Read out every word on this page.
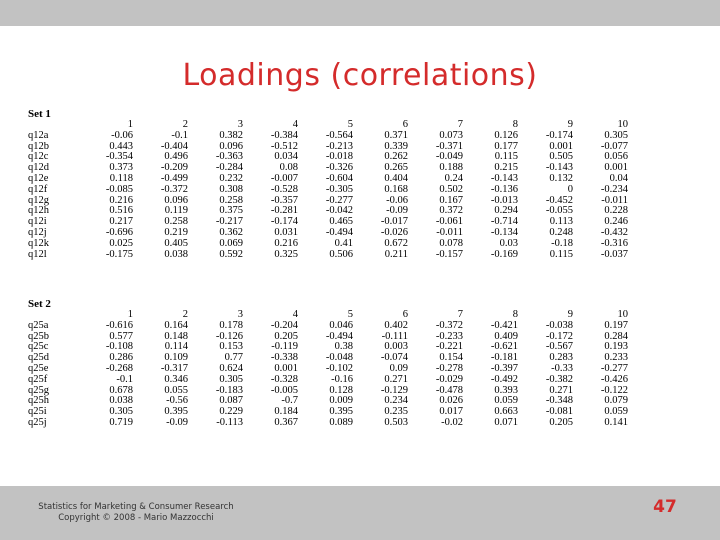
Loadings (correlations)
Set 1
	1	2	3	4	5	6	7	8	9	10
q12a	-0.06	-0.1	0.382	-0.384	-0.564	0.371	0.073	0.126	-0.174	0.305
q12b	0.443	-0.404	0.096	-0.512	-0.213	0.339	-0.371	0.177	0.001	-0.077
q12c	-0.354	0.496	-0.363	0.034	-0.018	0.262	-0.049	0.115	0.505	0.056
q12d	0.373	-0.209	-0.284	0.08	-0.326	0.265	0.188	0.215	-0.143	0.001
q12e	0.118	-0.499	0.232	-0.007	-0.604	0.404	0.24	-0.143	0.132	0.04
q12f	-0.085	-0.372	0.308	-0.528	-0.305	0.168	0.502	-0.136	0	-0.234
q12g	0.216	0.096	0.258	-0.357	-0.277	-0.06	0.167	-0.013	-0.452	-0.011
q12h	0.516	0.119	0.375	-0.281	-0.042	-0.09	0.372	0.294	-0.055	0.228
q12i	0.217	0.258	-0.217	-0.174	0.465	-0.017	-0.061	-0.714	0.113	0.246
q12j	-0.696	0.219	0.362	0.031	-0.494	-0.026	-0.011	-0.134	0.248	-0.432
q12k	0.025	0.405	0.069	0.216	0.41	0.672	0.078	0.03	-0.18	-0.316
q12l	-0.175	0.038	0.592	0.325	0.506	0.211	-0.157	-0.169	0.115	-0.037
Set 2
	1	2	3	4	5	6	7	8	9	10
q25a	-0.616	0.164	0.178	-0.204	0.046	0.402	-0.372	-0.421	-0.038	0.197
q25b	0.577	0.148	-0.126	0.205	-0.494	-0.111	-0.233	0.409	-0.172	0.284
q25c	-0.108	0.114	0.153	-0.119	0.38	0.003	-0.221	-0.621	-0.567	0.193
q25d	0.286	0.109	0.77	-0.338	-0.048	-0.074	0.154	-0.181	0.283	0.233
q25e	-0.268	-0.317	0.624	0.001	-0.102	0.09	-0.278	-0.397	-0.33	-0.277
q25f	-0.1	0.346	0.305	-0.328	-0.16	0.271	-0.029	-0.492	-0.382	-0.426
q25g	0.678	0.055	-0.183	-0.005	0.128	-0.129	-0.478	0.393	0.271	-0.122
q25h	0.038	-0.56	0.087	-0.7	0.009	0.234	0.026	0.059	-0.348	0.079
q25i	0.305	0.395	0.229	0.184	0.395	0.235	0.017	0.663	-0.081	0.059
q25j	0.719	-0.09	-0.113	0.367	0.089	0.503	-0.02	0.071	0.205	0.141
Statistics for Marketing & Consumer Research
Copyright © 2008 - Mario Mazzocchi
47
